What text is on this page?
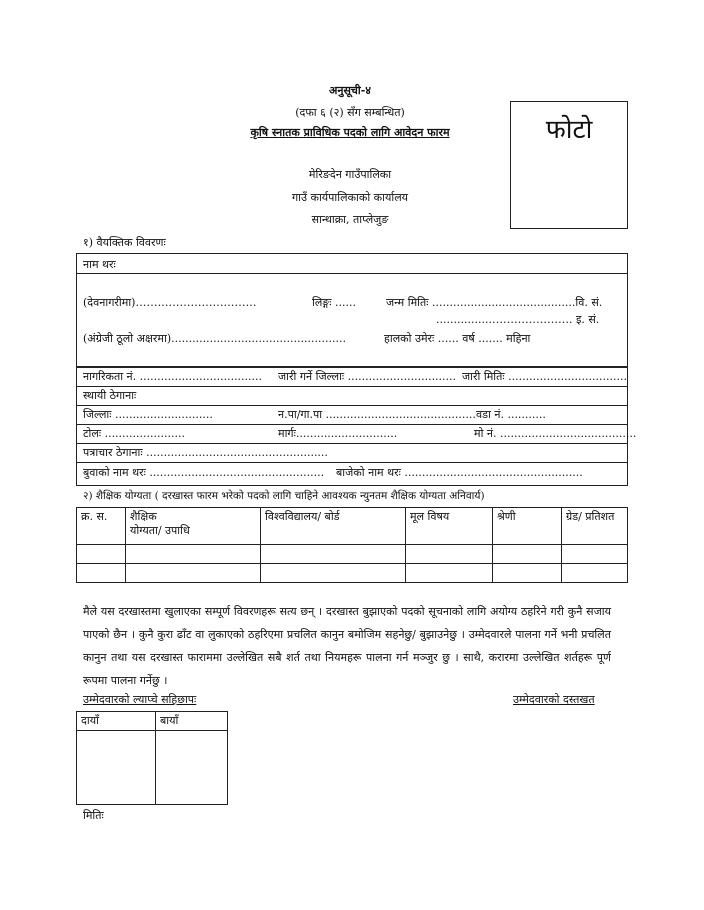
अनुसूची-४
(दफा ६ (२) सँग सम्बन्धित)
कृषि स्नातक प्राविधिक पदको लागि आवेदन फारम
मेरिङदेन गाउँपालिका
गाउँ कार्यपालिकाको कार्यालय
सान्थाक्रा, ताप्लेजुङ
फोटो
१) वैयक्तिक विवरणः
नाम थरः
(देवनागरीमा)……………………………	लिङ्गः ......	जन्म मितिः .........................................वि. सं.
................…………………. इ. सं.
(अंग्रेजी ठूलो अक्षरमा)..................................................	हालको उमेरः ...... वर्ष ....... महिना
नागरिकता नं. ................................... जारी गर्ने जिल्लाः ............................... जारी मितिः ..................................
स्थायी ठेगानाः
जिल्लाः ............................	न.पा/गा.पा ........................................... वडा नं. ...........
टोलः .......................	मार्गः.............................	मो नं. .......................................
पत्राचार ठेगानाः ....................................................
बुवाको नाम थरः .................................................. बाजेको नाम थरः ...................................................
२) शैक्षिक योग्यता ( दरखास्त फारम भरेको पदको लागि चाहिने आवश्यक न्युनतम शैक्षिक योग्यता अनिवार्य)
क्र. स.	शैक्षिक
योग्यता/ उपाधि	विश्वविद्यालय/ बोर्ड	मूल विषय	श्रेणी	ग्रेड/ प्रतिशत

मैले यस दरखास्तमा खुलाएका सम्पूर्ण विवरणहरू सत्य छन् । दरखास्त बुझाएको पदको सूचनाको लागि अयोग्य ठहरिने गरी कुनै सजाय पाएको छैन । कुनै कुरा ढाँट वा लुकाएको ठहरिएमा प्रचलित कानुन बमोजिम सहनेछु/ बुझाउनेछु । उम्मेदवारले पालना गर्ने भनी प्रचलित कानुन तथा यस दरखास्त फाराममा उल्लेखित सबै शर्त तथा नियमहरू पालना गर्न मञ्जुर छु । साथै, करारमा उल्लेखित शर्तहरू पूर्ण रूपमा पालना गर्नेछु ।
उम्मेदवारको ल्याप्चे सहिछापः	उम्मेदवारको दस्तखत
दायाँ	बायाँ

मितिः
